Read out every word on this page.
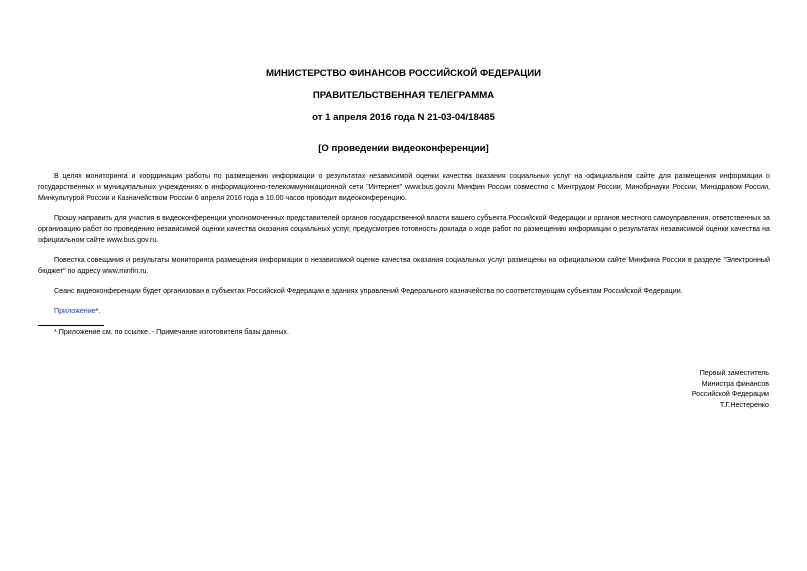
МИНИСТЕРСТВО ФИНАНСОВ РОССИЙСКОЙ ФЕДЕРАЦИИ
ПРАВИТЕЛЬСТВЕННАЯ ТЕЛЕГРАММА
от 1 апреля 2016 года N 21-03-04/18485
[О проведении видеоконференции]

В целях мониторинга и координации работы по размещению информации о результатах независимой оценки качества оказания социальных услуг на официальном сайте для размещения информации о государственных и муниципальных учреждениях в информационно-телекоммуникационной сети "Интернет" www.bus.gov.ru Минфин России совместно с Минтрудом России, Минобрнауки России, Минздравом России, Минкультурой России и Казначейством России 6 апреля 2016 года в 10.00 часов проводит видеоконференцию.

Прошу направить для участия в видеоконференции уполномоченных представителей органов государственной власти вашего субъекта Российской Федерации и органов местного самоуправления, ответственных за организацию работ по проведению независимой оценки качества оказания социальных услуг, предусмотрев готовность доклада о ходе работ по размещению информации о результатах независимой оценки качества на официальном сайте www.bus.gov.ru.

Повестка совещания и результаты мониторинга размещения информации о независимой оценке качества оказания социальных услуг размещены на официальном сайте Минфина России в разделе "Электронный бюджет" по адресу www.minfin.ru.

Сеанс видеоконференции будет организован в субъектах Российской Федерации в зданиях управлений Федерального казначейства по соответствующим субъектам Российской Федерации.

Приложение*.

* Приложение см. по ссылке. - Примечание изготовителя базы данных.
Первый заместитель
Министра финансов
Российской Федерации
Т.Г.Нестеренко
